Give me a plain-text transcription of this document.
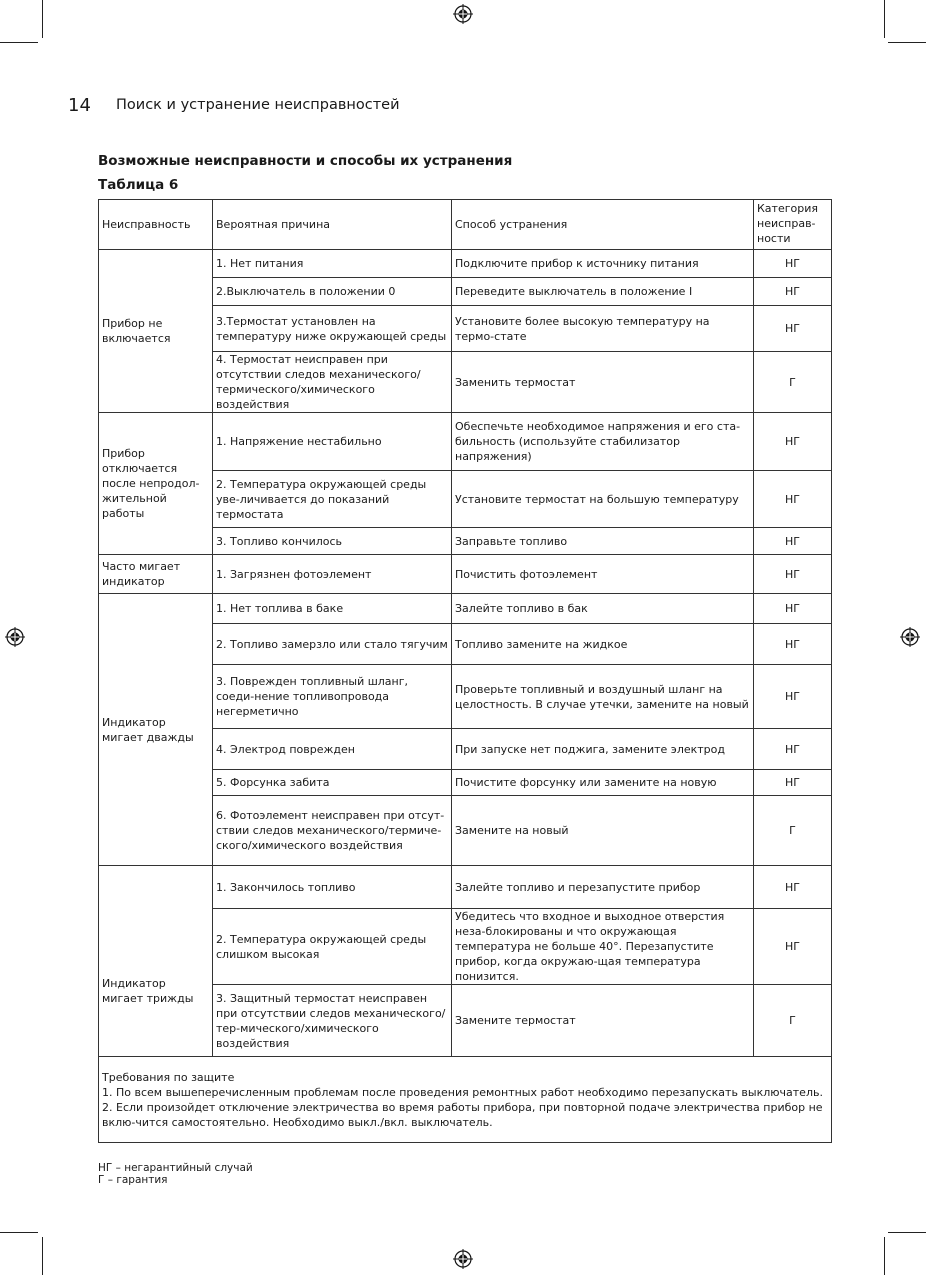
14 Поиск и устранение неисправностей
Возможные неисправности и способы их устранения
Таблица 6
Неисправность	Вероятная причина	Способ устранения	Категория неисправ-ности
Прибор не включается	1. Нет питания	Подключите прибор к источнику питания	НГ
	2.Выключатель в положении 0	Переведите выключатель в положение I	НГ
	3.Термостат установлен на температуру ниже окружающей среды	Установите более высокую температуру на термо-стате	НГ
	4. Термостат неисправен при отсутствии следов механического/термического/химического воздействия	Заменить термостат	Г
Прибор отключается после непродол-жительной работы	1. Напряжение нестабильно	Обеспечьте необходимое напряжения и его ста-бильность (используйте стабилизатор напряжения)	НГ
	2. Температура окружающей среды уве-личивается до показаний термостата	Установите термостат на большую температуру	НГ
	3. Топливо кончилось	Заправьте топливо	НГ
Часто мигает индикатор	1. Загрязнен фотоэлемент	Почистить фотоэлемент	НГ
Индикатор мигает дважды	1. Нет топлива в баке	Залейте топливо в бак	НГ
	2. Топливо замерзло или стало тягучим	Топливо замените на жидкое	НГ
	3. Поврежден топливный шланг, соеди-нение топливопровода негерметично	Проверьте топливный и воздушный шланг на целостность. В случае утечки, замените на новый	НГ
	4. Электрод поврежден	При запуске нет поджига, замените электрод	НГ
	5. Форсунка забита	Почистите форсунку или замените на новую	НГ
	6. Фотоэлемент неисправен при отсут-ствии следов механического/термиче-ского/химического воздействия	Замените на новый	Г
Индикатор мигает трижды	1. Закончилось топливо	Залейте топливо и перезапустите прибор	НГ
	2. Температура окружающей среды слишком высокая	Убедитесь что входное и выходное отверстия неза-блокированы и что окружающая температура не больше 40°. Перезапустите прибор, когда окружаю-щая температура понизится.	НГ
	3. Защитный термостат неисправен при отсутствии следов механического/тер-мического/химического воздействия	Замените термостат	Г

Требования по защите
1. По всем вышеперечисленным проблемам после проведения ремонтных работ необходимо перезапускать выключатель.
2. Если произойдет отключение электричества во время работы прибора, при повторной подаче электричества прибор не вклю-чится самостоятельно. Необходимо выкл./вкл. выключатель.			
НГ – негарантийный случай
Г – гарантия
